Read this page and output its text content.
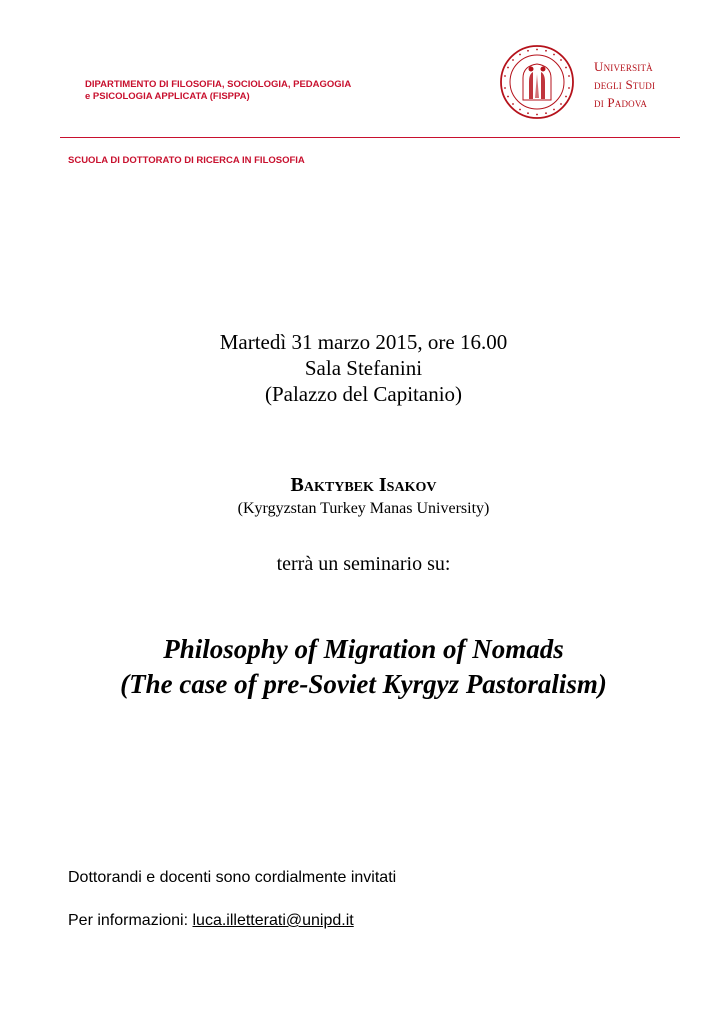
DIPARTIMENTO DI FILOSOFIA, SOCIOLOGIA, PEDAGOGIA
e PSICOLOGIA APPLICATA (FISPPA)
Università
degli Studi
di Padova
SCUOLA DI DOTTORATO DI RICERCA IN FILOSOFIA
Martedì 31 marzo 2015, ore 16.00
Sala Stefanini
(Palazzo del Capitanio)
Baktybek Isakov
(Kyrgyzstan Turkey Manas University)
terrà un seminario su:
Philosophy of Migration of Nomads
(The case of pre-Soviet Kyrgyz Pastoralism)
Dottorandi e docenti sono cordialmente invitati
Per informazioni: luca.illetterati@unipd.it
